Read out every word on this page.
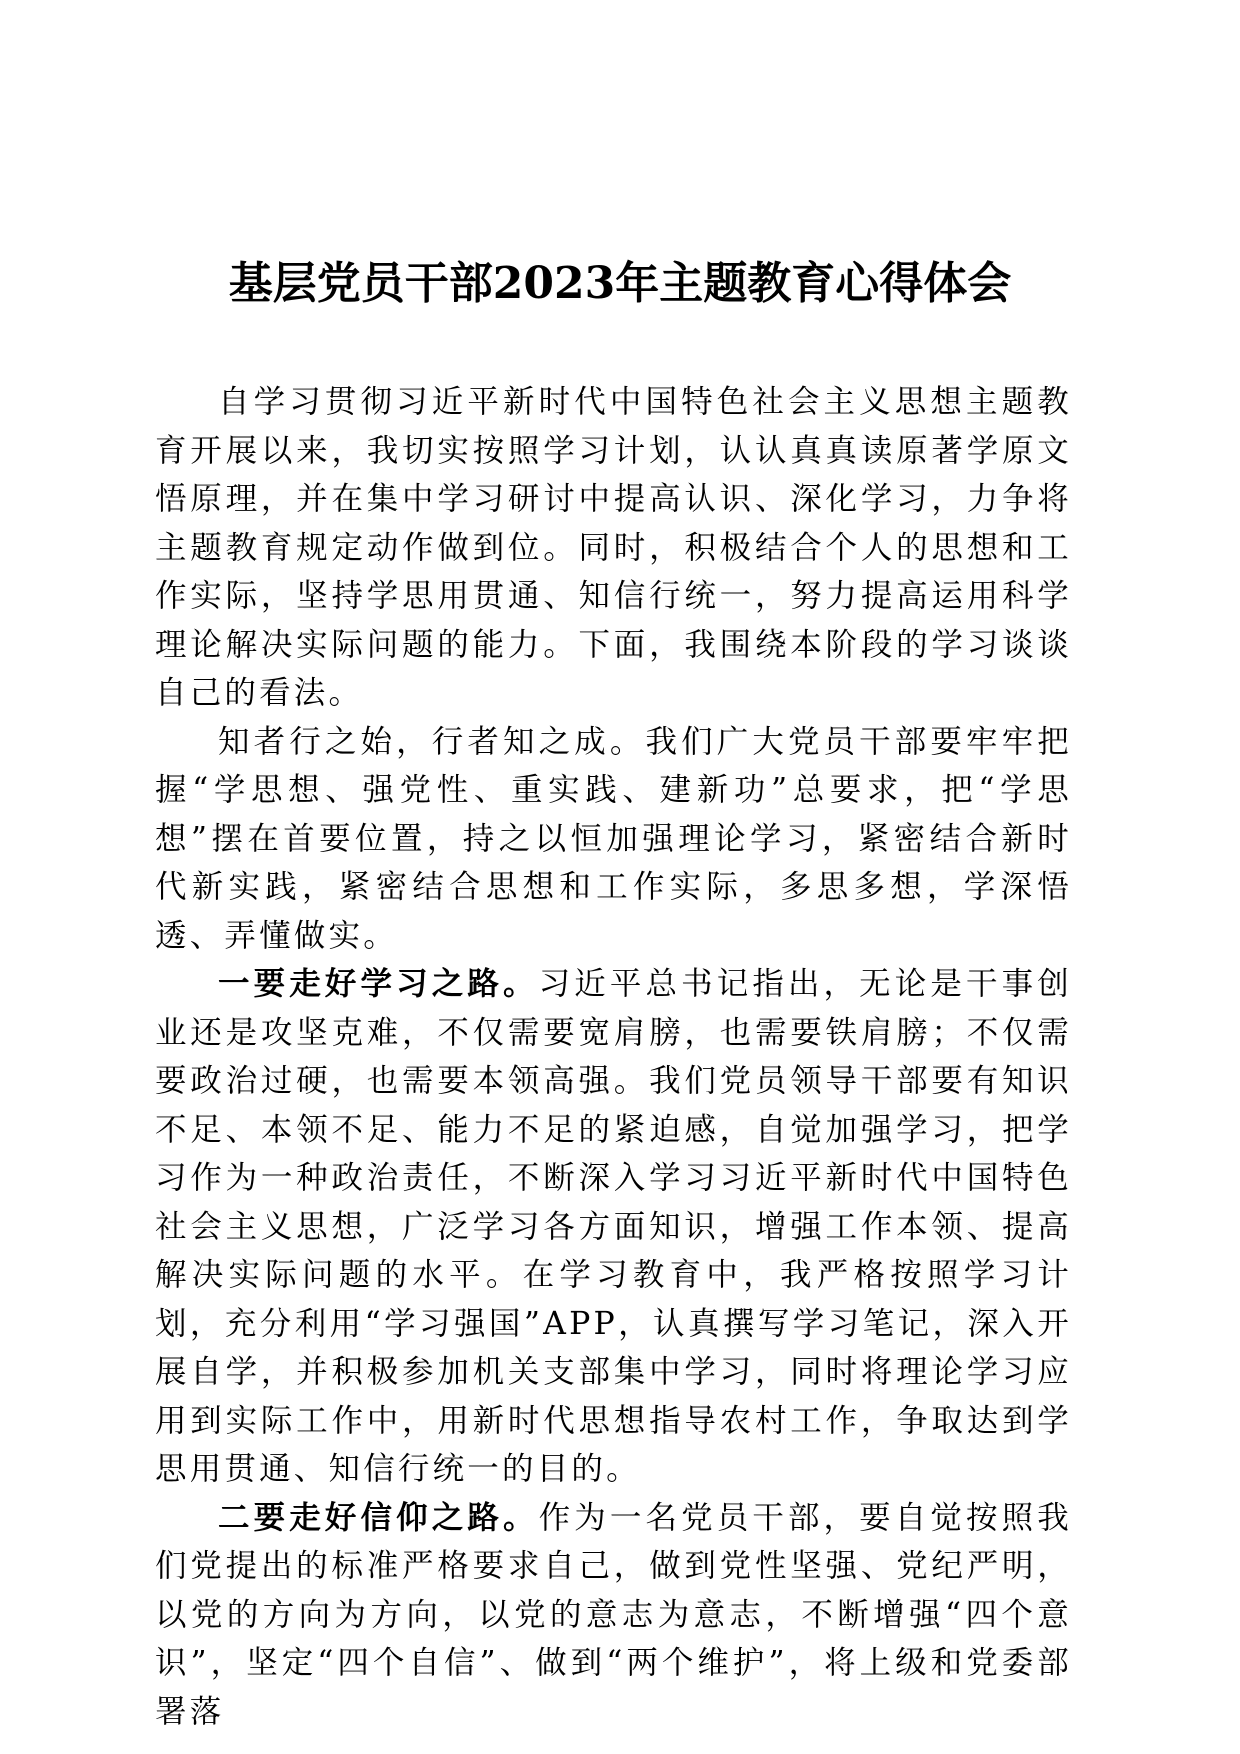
基层党员干部2023年主题教育心得体会

自学习贯彻习近平新时代中国特色社会主义思想主题教育开展以来，我切实按照学习计划，认认真真读原著学原文悟原理，并在集中学习研讨中提高认识、深化学习，力争将主题教育规定动作做到位。同时，积极结合个人的思想和工作实际，坚持学思用贯通、知信行统一，努力提高运用科学理论解决实际问题的能力。下面，我围绕本阶段的学习谈谈自己的看法。

知者行之始，行者知之成。我们广大党员干部要牢牢把握“学思想、强党性、重实践、建新功”总要求，把“学思想”摆在首要位置，持之以恒加强理论学习，紧密结合新时代新实践，紧密结合思想和工作实际，多思多想，学深悟透、弄懂做实。

一要走好学习之路。习近平总书记指出，无论是干事创业还是攻坚克难，不仅需要宽肩膀，也需要铁肩膀；不仅需要政治过硬，也需要本领高强。我们党员领导干部要有知识不足、本领不足、能力不足的紧迫感，自觉加强学习，把学习作为一种政治责任，不断深入学习习近平新时代中国特色社会主义思想，广泛学习各方面知识，增强工作本领、提高解决实际问题的水平。在学习教育中，我严格按照学习计划，充分利用“学习强国”APP，认真撰写学习笔记，深入开展自学，并积极参加机关支部集中学习，同时将理论学习应用到实际工作中，用新时代思想指导农村工作，争取达到学思用贯通、知信行统一的目的。

二要走好信仰之路。作为一名党员干部，要自觉按照我们党提出的标准严格要求自己，做到党性坚强、党纪严明，以党的方向为方向，以党的意志为意志，不断增强“四个意识”，坚定“四个自信”、做到“两个维护”，将上级和党委部署落
